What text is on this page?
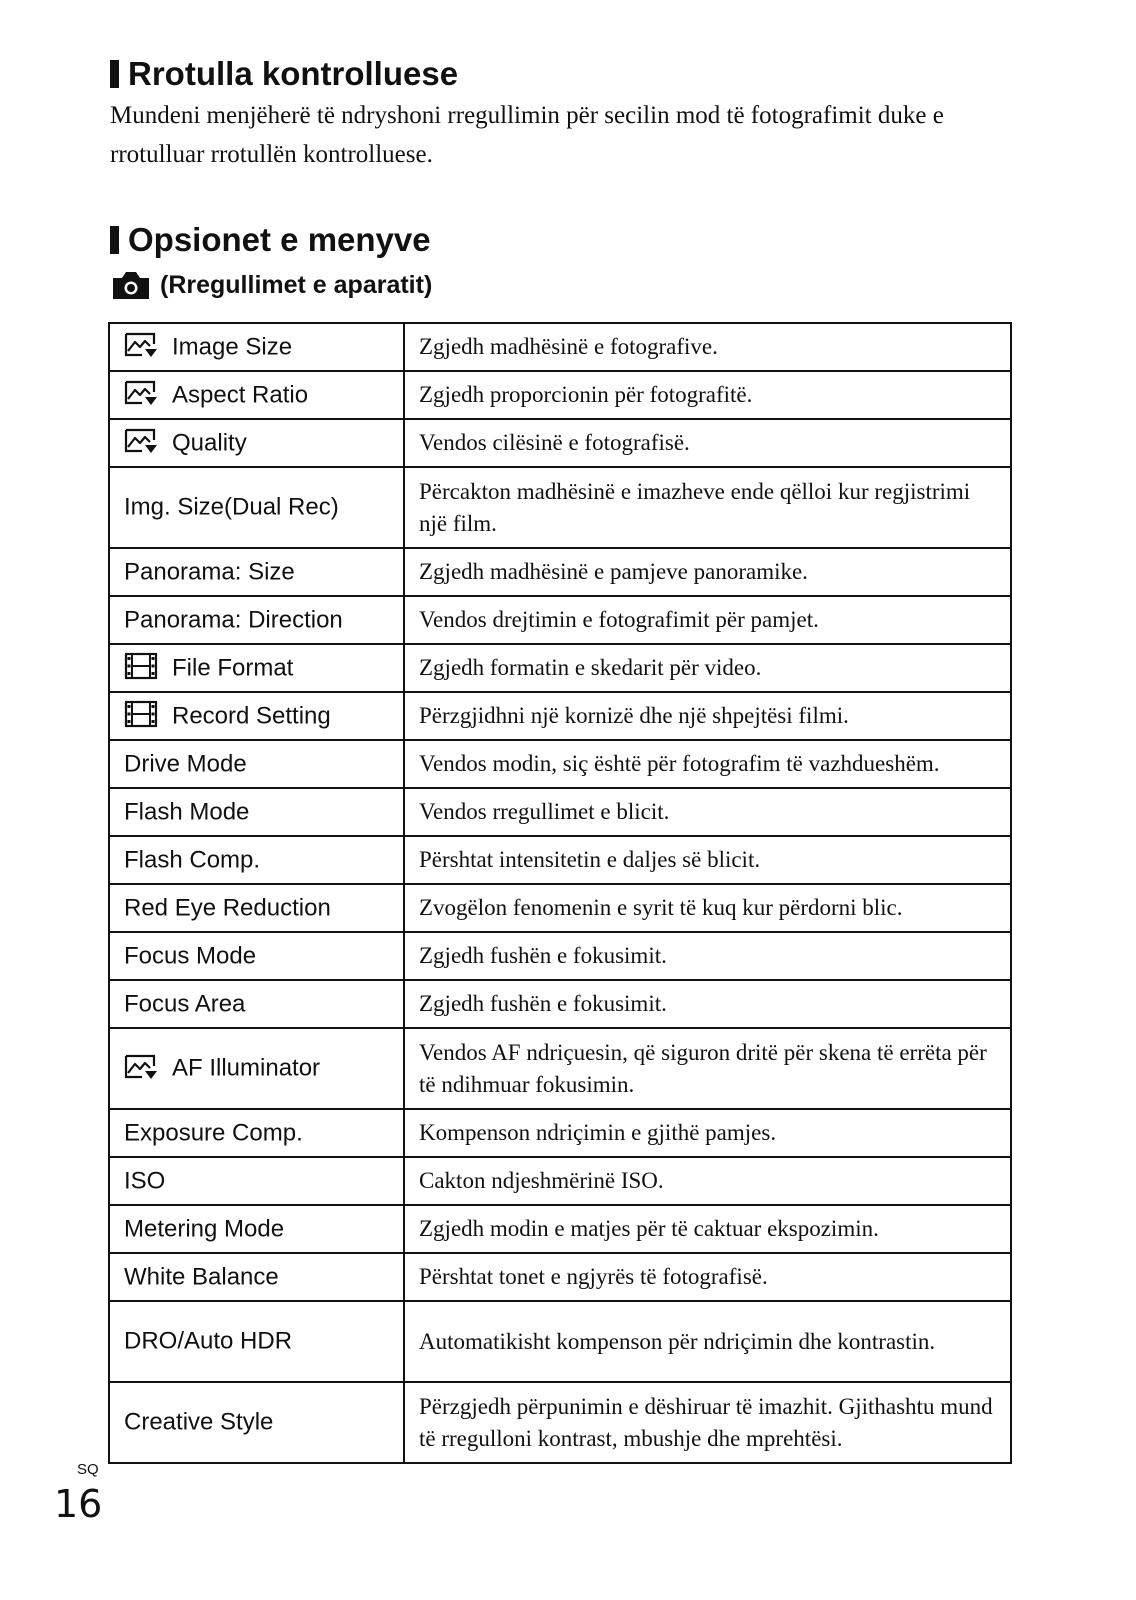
Rrotulla kontrolluese

Mundeni menjëherë të ndryshoni rregullimin për secilin mod të fotografimit duke e rrotulluar rrotullën kontrolluese.

Opsionet e menyve
(Rregullimet e aparatit)
Image Size	Zgjedh madhësinë e fotografive.

Aspect Ratio	Zgjedh proporcionin për fotografitë.

Quality	Vendos cilësinë e fotografisë.
Img. Size(Dual Rec)	Përcakton madhësinë e imazheve ende qëlloi kur regjistrimi një film.
Panorama: Size	Zgjedh madhësinë e pamjeve panoramike.
Panorama: Direction	Vendos drejtimin e fotografimit për pamjet.

File Format	Zgjedh formatin e skedarit për video.

Record Setting	Përzgjidhni një kornizë dhe një shpejtësi filmi.
Drive Mode	Vendos modin, siç është për fotografim të vazhdueshëm.
Flash Mode	Vendos rregullimet e blicit.
Flash Comp.	Përshtat intensitetin e daljes së blicit.
Red Eye Reduction	Zvogëlon fenomenin e syrit të kuq kur përdorni blic.
Focus Mode	Zgjedh fushën e fokusimit.
Focus Area	Zgjedh fushën e fokusimit.

AF Illuminator	Vendos AF ndriçuesin, që siguron dritë për skena të errëta për të ndihmuar fokusimin.
Exposure Comp.	Kompenson ndriçimin e gjithë pamjes.
ISO	Cakton ndjeshmërinë ISO.
Metering Mode	Zgjedh modin e matjes për të caktuar ekspozimin.
White Balance	Përshtat tonet e ngjyrës të fotografisë.
DRO/Auto HDR	Automatikisht kompenson për ndriçimin dhe kontrastin.
Creative Style	Përzgjedh përpunimin e dëshiruar të imazhit. Gjithashtu mund të rregulloni kontrast, mbushje dhe mprehtësi.
SQ
16
